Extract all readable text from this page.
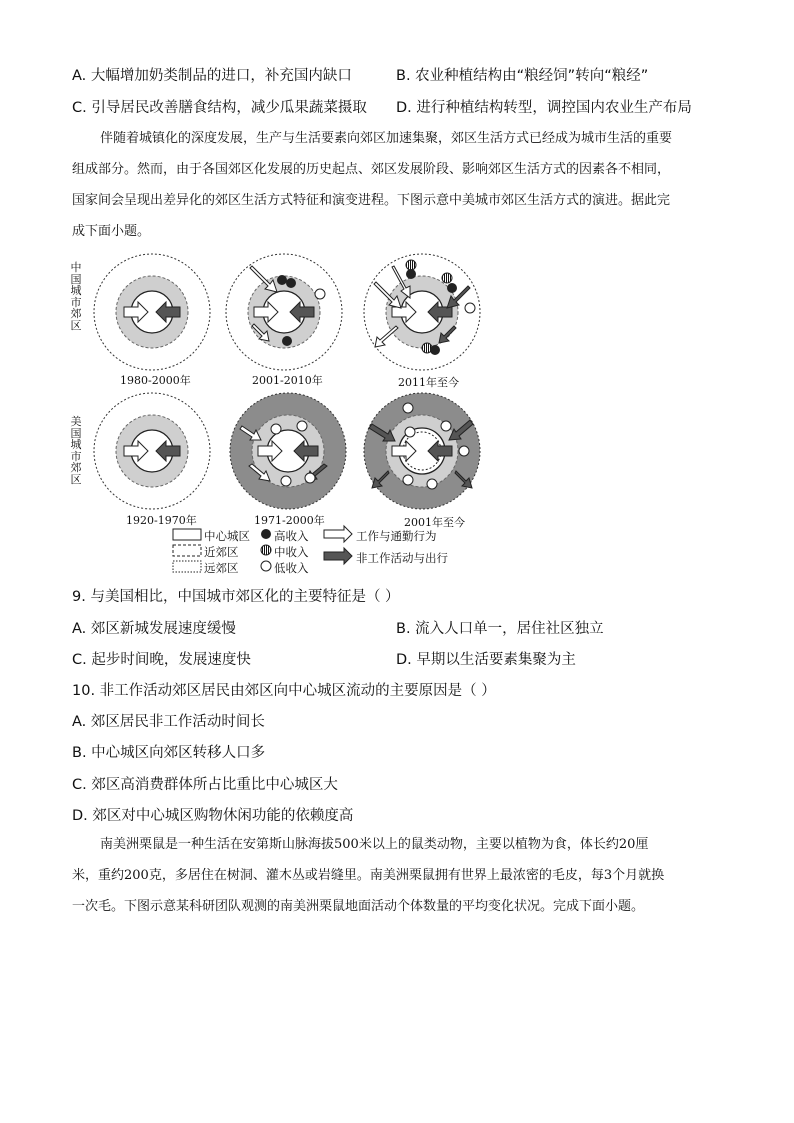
A. 大幅增加奶类制品的进口，补充国内缺口	B. 农业种植结构由“粮经饲”转向“粮经”
C. 引导居民改善膳食结构，减少瓜果蔬菜摄取 D. 进行种植结构转型，调控国内农业生产布局
伴随着城镇化的深度发展，生产与生活要素向郊区加速集聚，郊区生活方式已经成为城市生活的重要
组成部分。然而，由于各国郊区化发展的历史起点、郊区发展阶段、影响郊区生活方式的因素各不相同，
国家间会呈现出差异化的郊区生活方式特征和演变进程。下图示意中美城市郊区生活方式的演进。据此完
成下面小题。
中国城市郊区
美国城市郊区
1980-2000年	2001-2010年	2011年至今
1920-1970年	1971-2000年	2001年至今
中心城区
近郊区
远郊区
高收入
中收入
低收入
工作与通勤行为
非工作活动与出行
9. 与美国相比，中国城市郊区化的主要特征是（ ）
A. 郊区新城发展速度缓慢	B. 流入人口单一，居住社区独立
C. 起步时间晚，发展速度快	D. 早期以生活要素集聚为主
10. 非工作活动郊区居民由郊区向中心城区流动的主要原因是（ ）
A. 郊区居民非工作活动时间长
B. 中心城区向郊区转移人口多
C. 郊区高消费群体所占比重比中心城区大
D. 郊区对中心城区购物休闲功能的依赖度高
南美洲栗鼠是一种生活在安第斯山脉海拔500米以上的鼠类动物，主要以植物为食，体长约20厘
米，重约200克，多居住在树洞、灌木丛或岩缝里。南美洲栗鼠拥有世界上最浓密的毛皮，每3个月就换
一次毛。下图示意某科研团队观测的南美洲栗鼠地面活动个体数量的平均变化状况。完成下面小题。
